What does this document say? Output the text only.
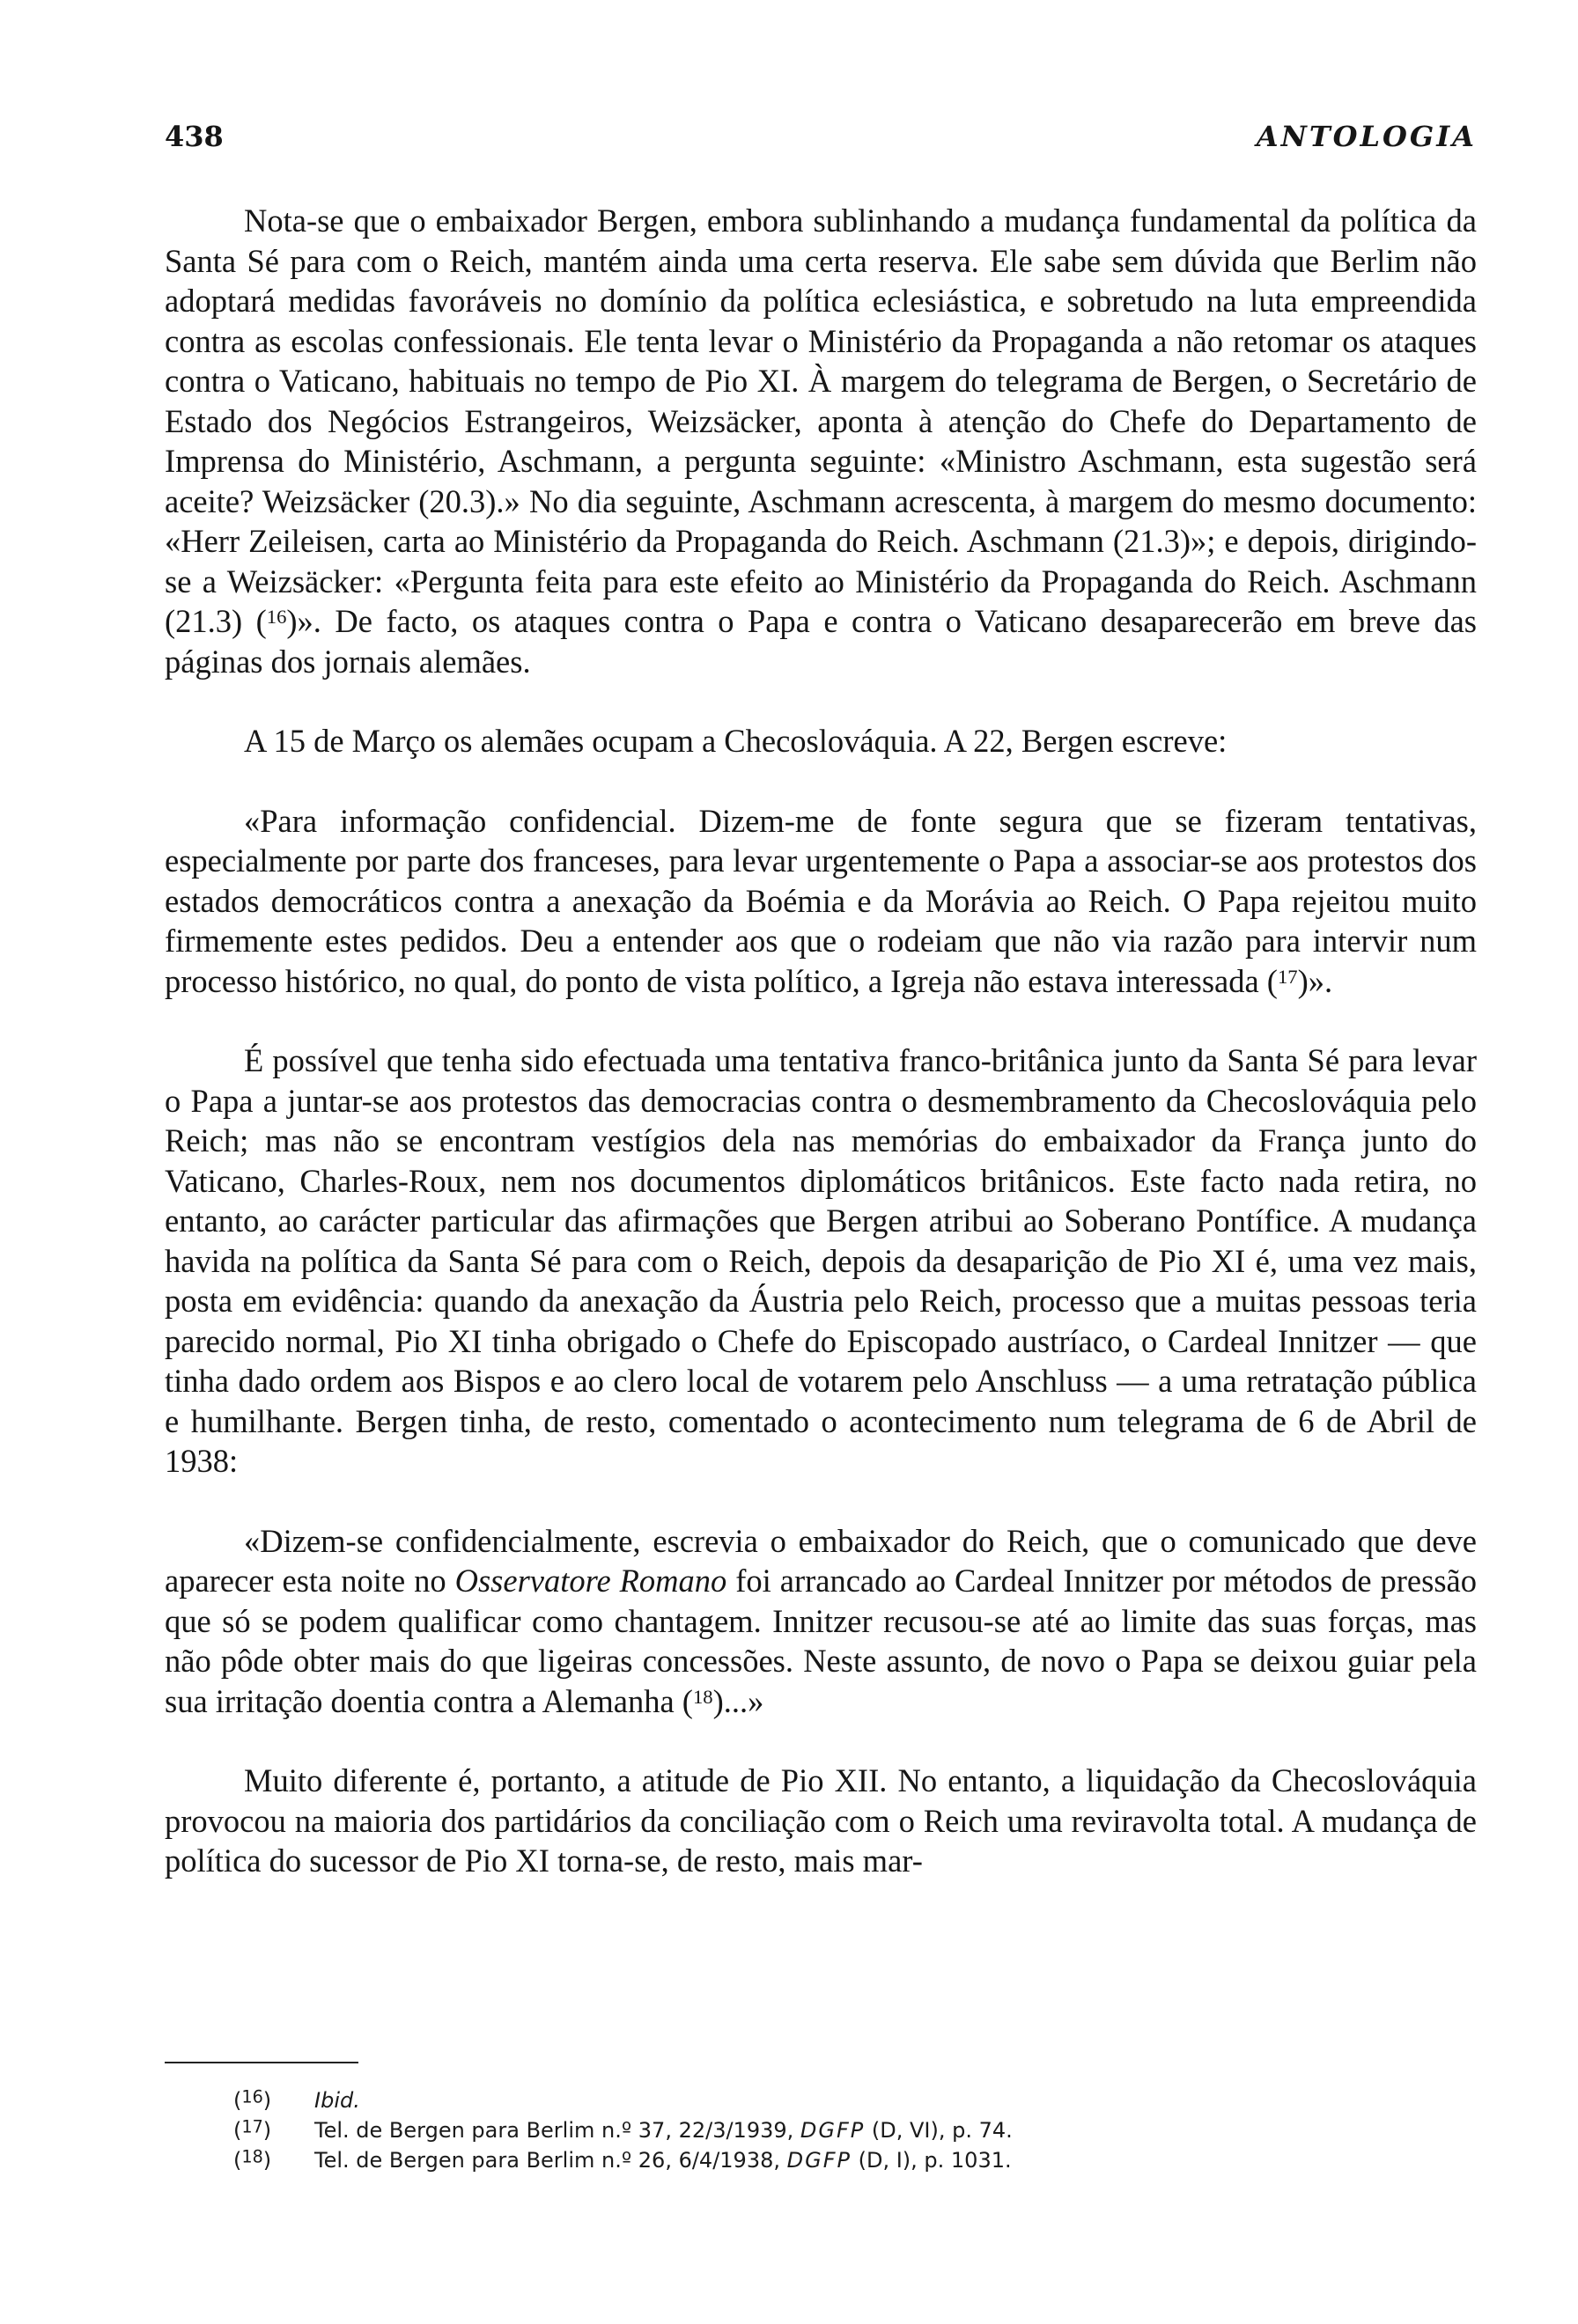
438	ANTOLOGIA

Nota-se que o embaixador Bergen, embora sublinhando a mudança fundamental da política da Santa Sé para com o Reich, mantém ainda uma certa reserva. Ele sabe sem dúvida que Berlim não adoptará medidas favoráveis no domínio da política eclesiástica, e sobretudo na luta empreendida contra as escolas confessionais. Ele tenta levar o Ministério da Propaganda a não retomar os ataques contra o Vaticano, habituais no tempo de Pio XI. À margem do telegrama de Bergen, o Secretário de Estado dos Negócios Estrangeiros, Weizsäcker, aponta à atenção do Chefe do Departamento de Imprensa do Ministério, Aschmann, a pergunta seguinte: «Ministro Aschmann, esta sugestão será aceite? Weizsäcker (20.3).» No dia seguinte, Aschmann acrescenta, à margem do mesmo documento: «Herr Zeileisen, carta ao Ministério da Propaganda do Reich. Aschmann (21.3)»; e depois, dirigindo-se a Weizsäcker: «Pergunta feita para este efeito ao Ministério da Propaganda do Reich. Aschmann (21.3) ($^{16}$)». De facto, os ataques contra o Papa e contra o Vaticano desaparecerão em breve das páginas dos jornais alemães.

A 15 de Março os alemães ocupam a Checoslováquia. A 22, Bergen escreve:

«Para informação confidencial. Dizem-me de fonte segura que se fizeram tentativas, especialmente por parte dos franceses, para levar urgentemente o Papa a associar-se aos protestos dos estados democráticos contra a anexação da Boémia e da Morávia ao Reich. O Papa rejeitou muito firmemente estes pedidos. Deu a entender aos que o rodeiam que não via razão para intervir num processo histórico, no qual, do ponto de vista político, a Igreja não estava interessada ($^{17}$)».

É possível que tenha sido efectuada uma tentativa franco-britânica junto da Santa Sé para levar o Papa a juntar-se aos protestos das democracias contra o desmembramento da Checoslováquia pelo Reich; mas não se encontram vestígios dela nas memórias do embaixador da França junto do Vaticano, Charles-Roux, nem nos documentos diplomáticos britânicos. Este facto nada retira, no entanto, ao carácter particular das afirmações que Bergen atribui ao Soberano Pontífice. A mudança havida na política da Santa Sé para com o Reich, depois da desaparição de Pio XI é, uma vez mais, posta em evidência: quando da anexação da Áustria pelo Reich, processo que a muitas pessoas teria parecido normal, Pio XI tinha obrigado o Chefe do Episcopado austríaco, o Cardeal Innitzer — que tinha dado ordem aos Bispos e ao clero local de votarem pelo Anschluss — a uma retratação pública e humilhante. Bergen tinha, de resto, comentado o acontecimento num telegrama de 6 de Abril de 1938:

«Dizem-se confidencialmente, escrevia o embaixador do Reich, que o comunicado que deve aparecer esta noite no Osservatore Romano foi arrancado ao Cardeal Innitzer por métodos de pressão que só se podem qualificar como chantagem. Innitzer recusou-se até ao limite das suas forças, mas não pôde obter mais do que ligeiras concessões. Neste assunto, de novo o Papa se deixou guiar pela sua irritação doentia contra a Alemanha ($^{18}$)...»

Muito diferente é, portanto, a atitude de Pio XII. No entanto, a liquidação da Checoslováquia provocou na maioria dos partidários da conciliação com o Reich uma reviravolta total. A mudança de política do sucessor de Pio XI torna-se, de resto, mais mar-

($^{16}$) Ibid.
($^{17}$) Tel. de Bergen para Berlim n.º 37, 22/3/1939, DGFP (D, VI), p. 74.
($^{18}$) Tel. de Bergen para Berlim n.º 26, 6/4/1938, DGFP (D, I), p. 1031.
